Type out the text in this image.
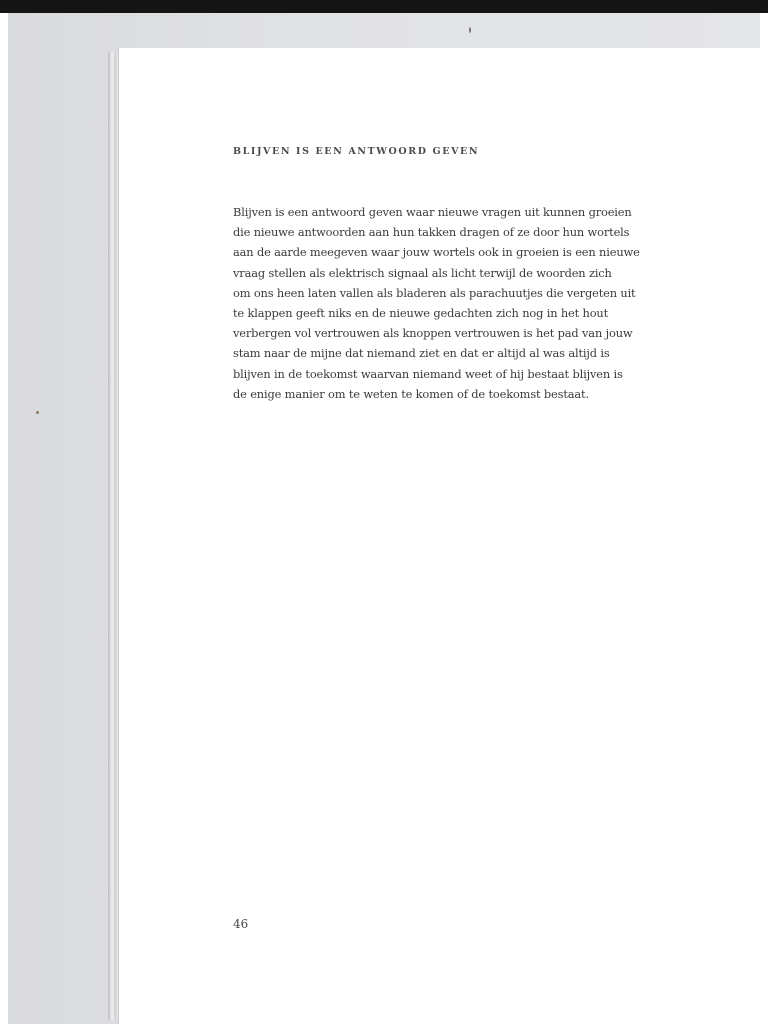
BLIJVEN IS EEN ANTWOORD GEVEN

Blijven is een antwoord geven waar nieuwe vragen uit kunnen groeien
die nieuwe antwoorden aan hun takken dragen of ze door hun wortels
aan de aarde meegeven waar jouw wortels ook in groeien is een nieuwe
vraag stellen als elektrisch signaal als licht terwijl de woorden zich
om ons heen laten vallen als bladeren als parachuutjes die vergeten uit
te klappen geeft niks en de nieuwe gedachten zich nog in het hout
verbergen vol vertrouwen als knoppen vertrouwen is het pad van jouw
stam naar de mijne dat niemand ziet en dat er altijd al was altijd is
blijven in de toekomst waarvan niemand weet of hij bestaat blijven is
de enige manier om te weten te komen of de toekomst bestaat.

46
